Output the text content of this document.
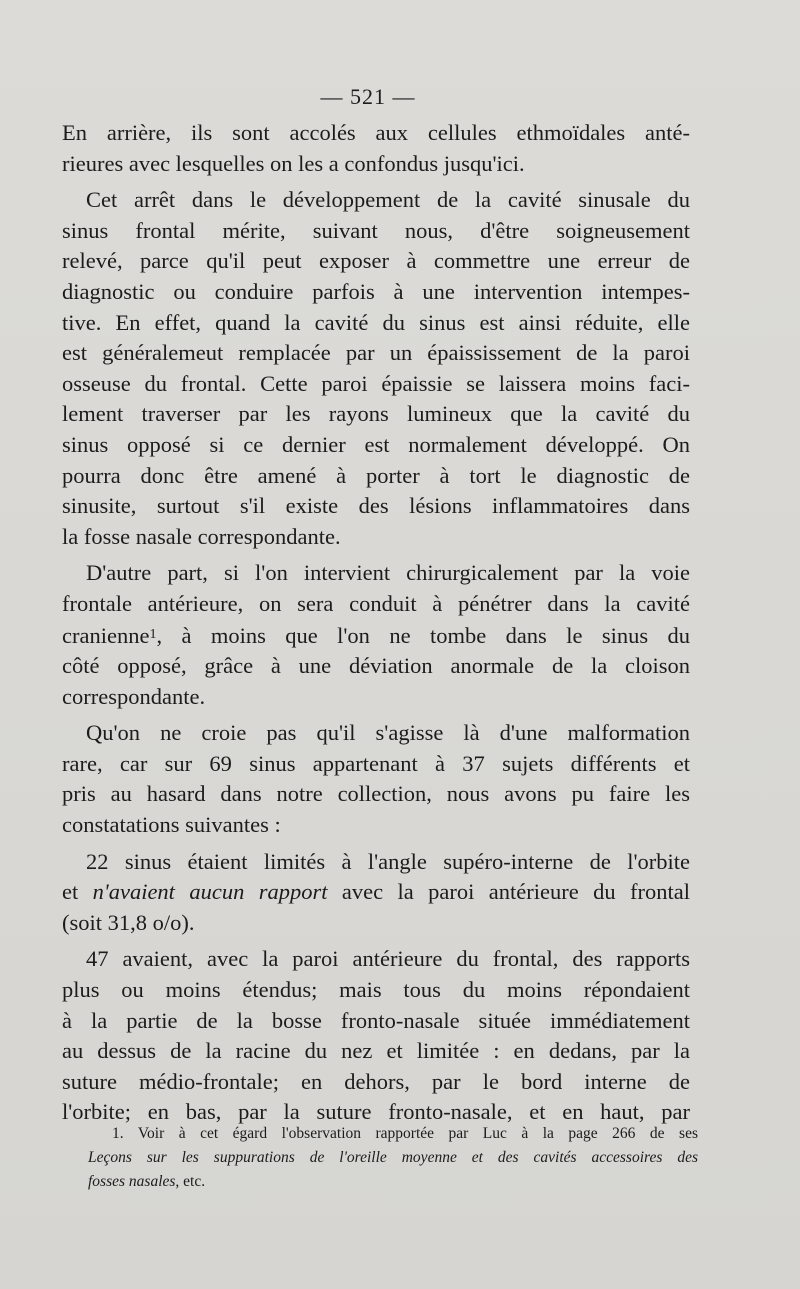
— 521 —
En arrière, ils sont accolés aux cellules ethmoïdales anté-
rieures avec lesquelles on les a confondus jusqu'ici.
Cet arrêt dans le développement de la cavité sinusale du
sinus frontal mérite, suivant nous, d'être soigneusement
relevé, parce qu'il peut exposer à commettre une erreur de
diagnostic ou conduire parfois à une intervention intempes-
tive. En effet, quand la cavité du sinus est ainsi réduite, elle
est généralemeut remplacée par un épaississement de la paroi
osseuse du frontal. Cette paroi épaissie se laissera moins faci-
lement traverser par les rayons lumineux que la cavité du
sinus opposé si ce dernier est normalement développé. On
pourra donc être amené à porter à tort le diagnostic de
sinusite, surtout s'il existe des lésions inflammatoires dans
la fosse nasale correspondante.
D'autre part, si l'on intervient chirurgicalement par la voie
frontale antérieure, on sera conduit à pénétrer dans la cavité
cranienne$^1$, à moins que l'on ne tombe dans le sinus du
côté opposé, grâce à une déviation anormale de la cloison
correspondante.
Qu'on ne croie pas qu'il s'agisse là d'une malformation
rare, car sur 69 sinus appartenant à 37 sujets différents et
pris au hasard dans notre collection, nous avons pu faire les
constatations suivantes :
22 sinus étaient limités à l'angle supéro-interne de l'orbite
et n'avaient aucun rapport avec la paroi antérieure du frontal
(soit 31,8 o/o).
47 avaient, avec la paroi antérieure du frontal, des rapports
plus ou moins étendus; mais tous du moins répondaient
à la partie de la bosse fronto-nasale située immédiatement
au dessus de la racine du nez et limitée : en dedans, par la
suture médio-frontale; en dehors, par le bord interne de
l'orbite; en bas, par la suture fronto-nasale, et en haut, par
1. Voir à cet égard l'observation rapportée par Luc à la page 266 de ses
Leçons sur les suppurations de l'oreille moyenne et des cavités accessoires des
fosses nasales, etc.
